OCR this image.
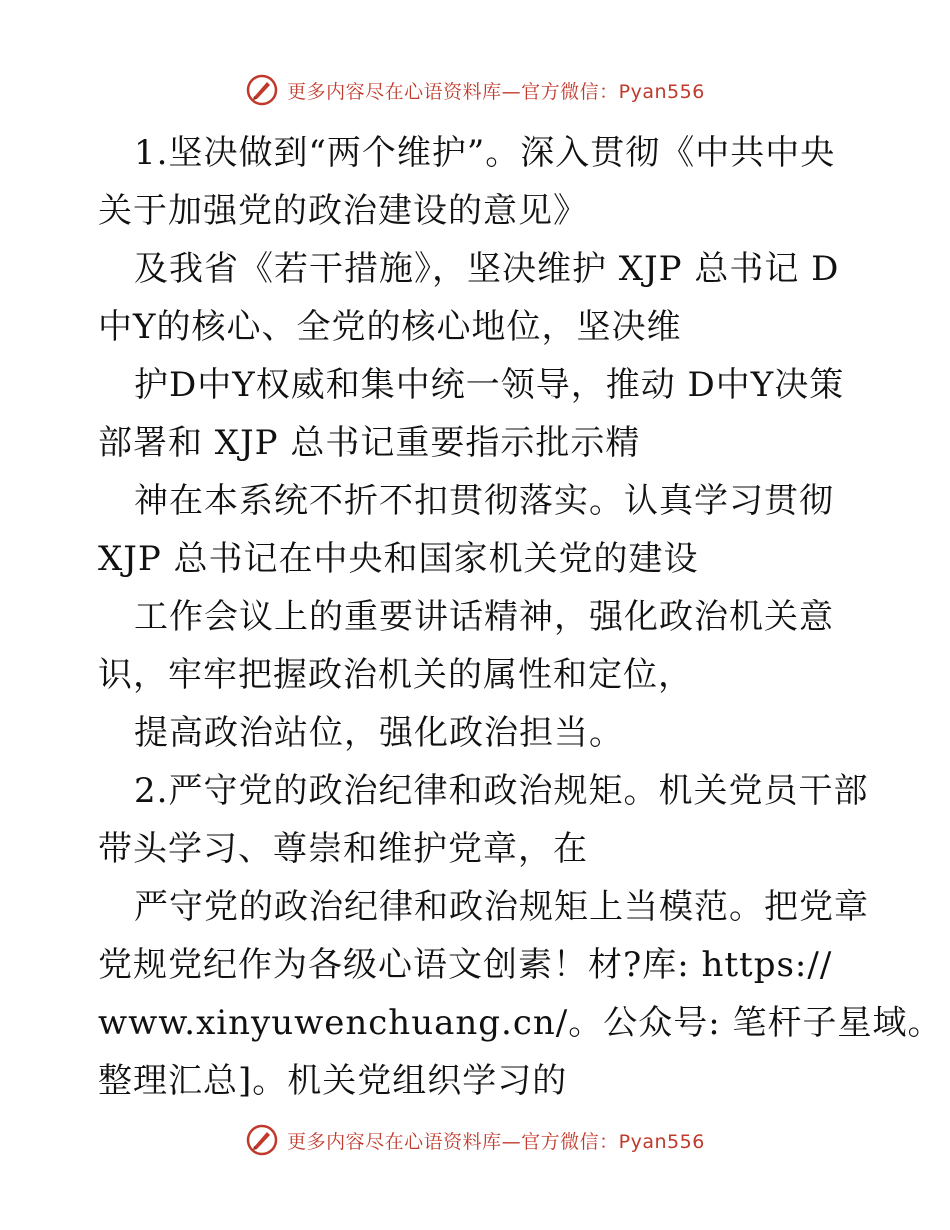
更多内容尽在心语资料库—官方微信：Pyan556
1.坚决做到“两个维护”。深入贯彻《中共中央
关于加强党的政治建设的意见》
及我省《若干措施》，坚决维护 XJP 总书记 D
中Y的核心、全党的核心地位，坚决维
护D中Y权威和集中统一领导，推动 D中Y决策
部署和 XJP 总书记重要指示批示精
神在本系统不折不扣贯彻落实。认真学习贯彻
XJP 总书记在中央和国家机关党的建设
工作会议上的重要讲话精神，强化政治机关意
识，牢牢把握政治机关的属性和定位，
提高政治站位，强化政治担当。
2.严守党的政治纪律和政治规矩。机关党员干部
带头学习、尊崇和维护党章，在
严守党的政治纪律和政治规矩上当模范。把党章
党规党纪作为各级心语文创素！材?库: https://
www.xinyuwenchuang.cn/。公众号: 笔杆子星域。
整理汇总]。机关党组织学习的
更多内容尽在心语资料库—官方微信：Pyan556
